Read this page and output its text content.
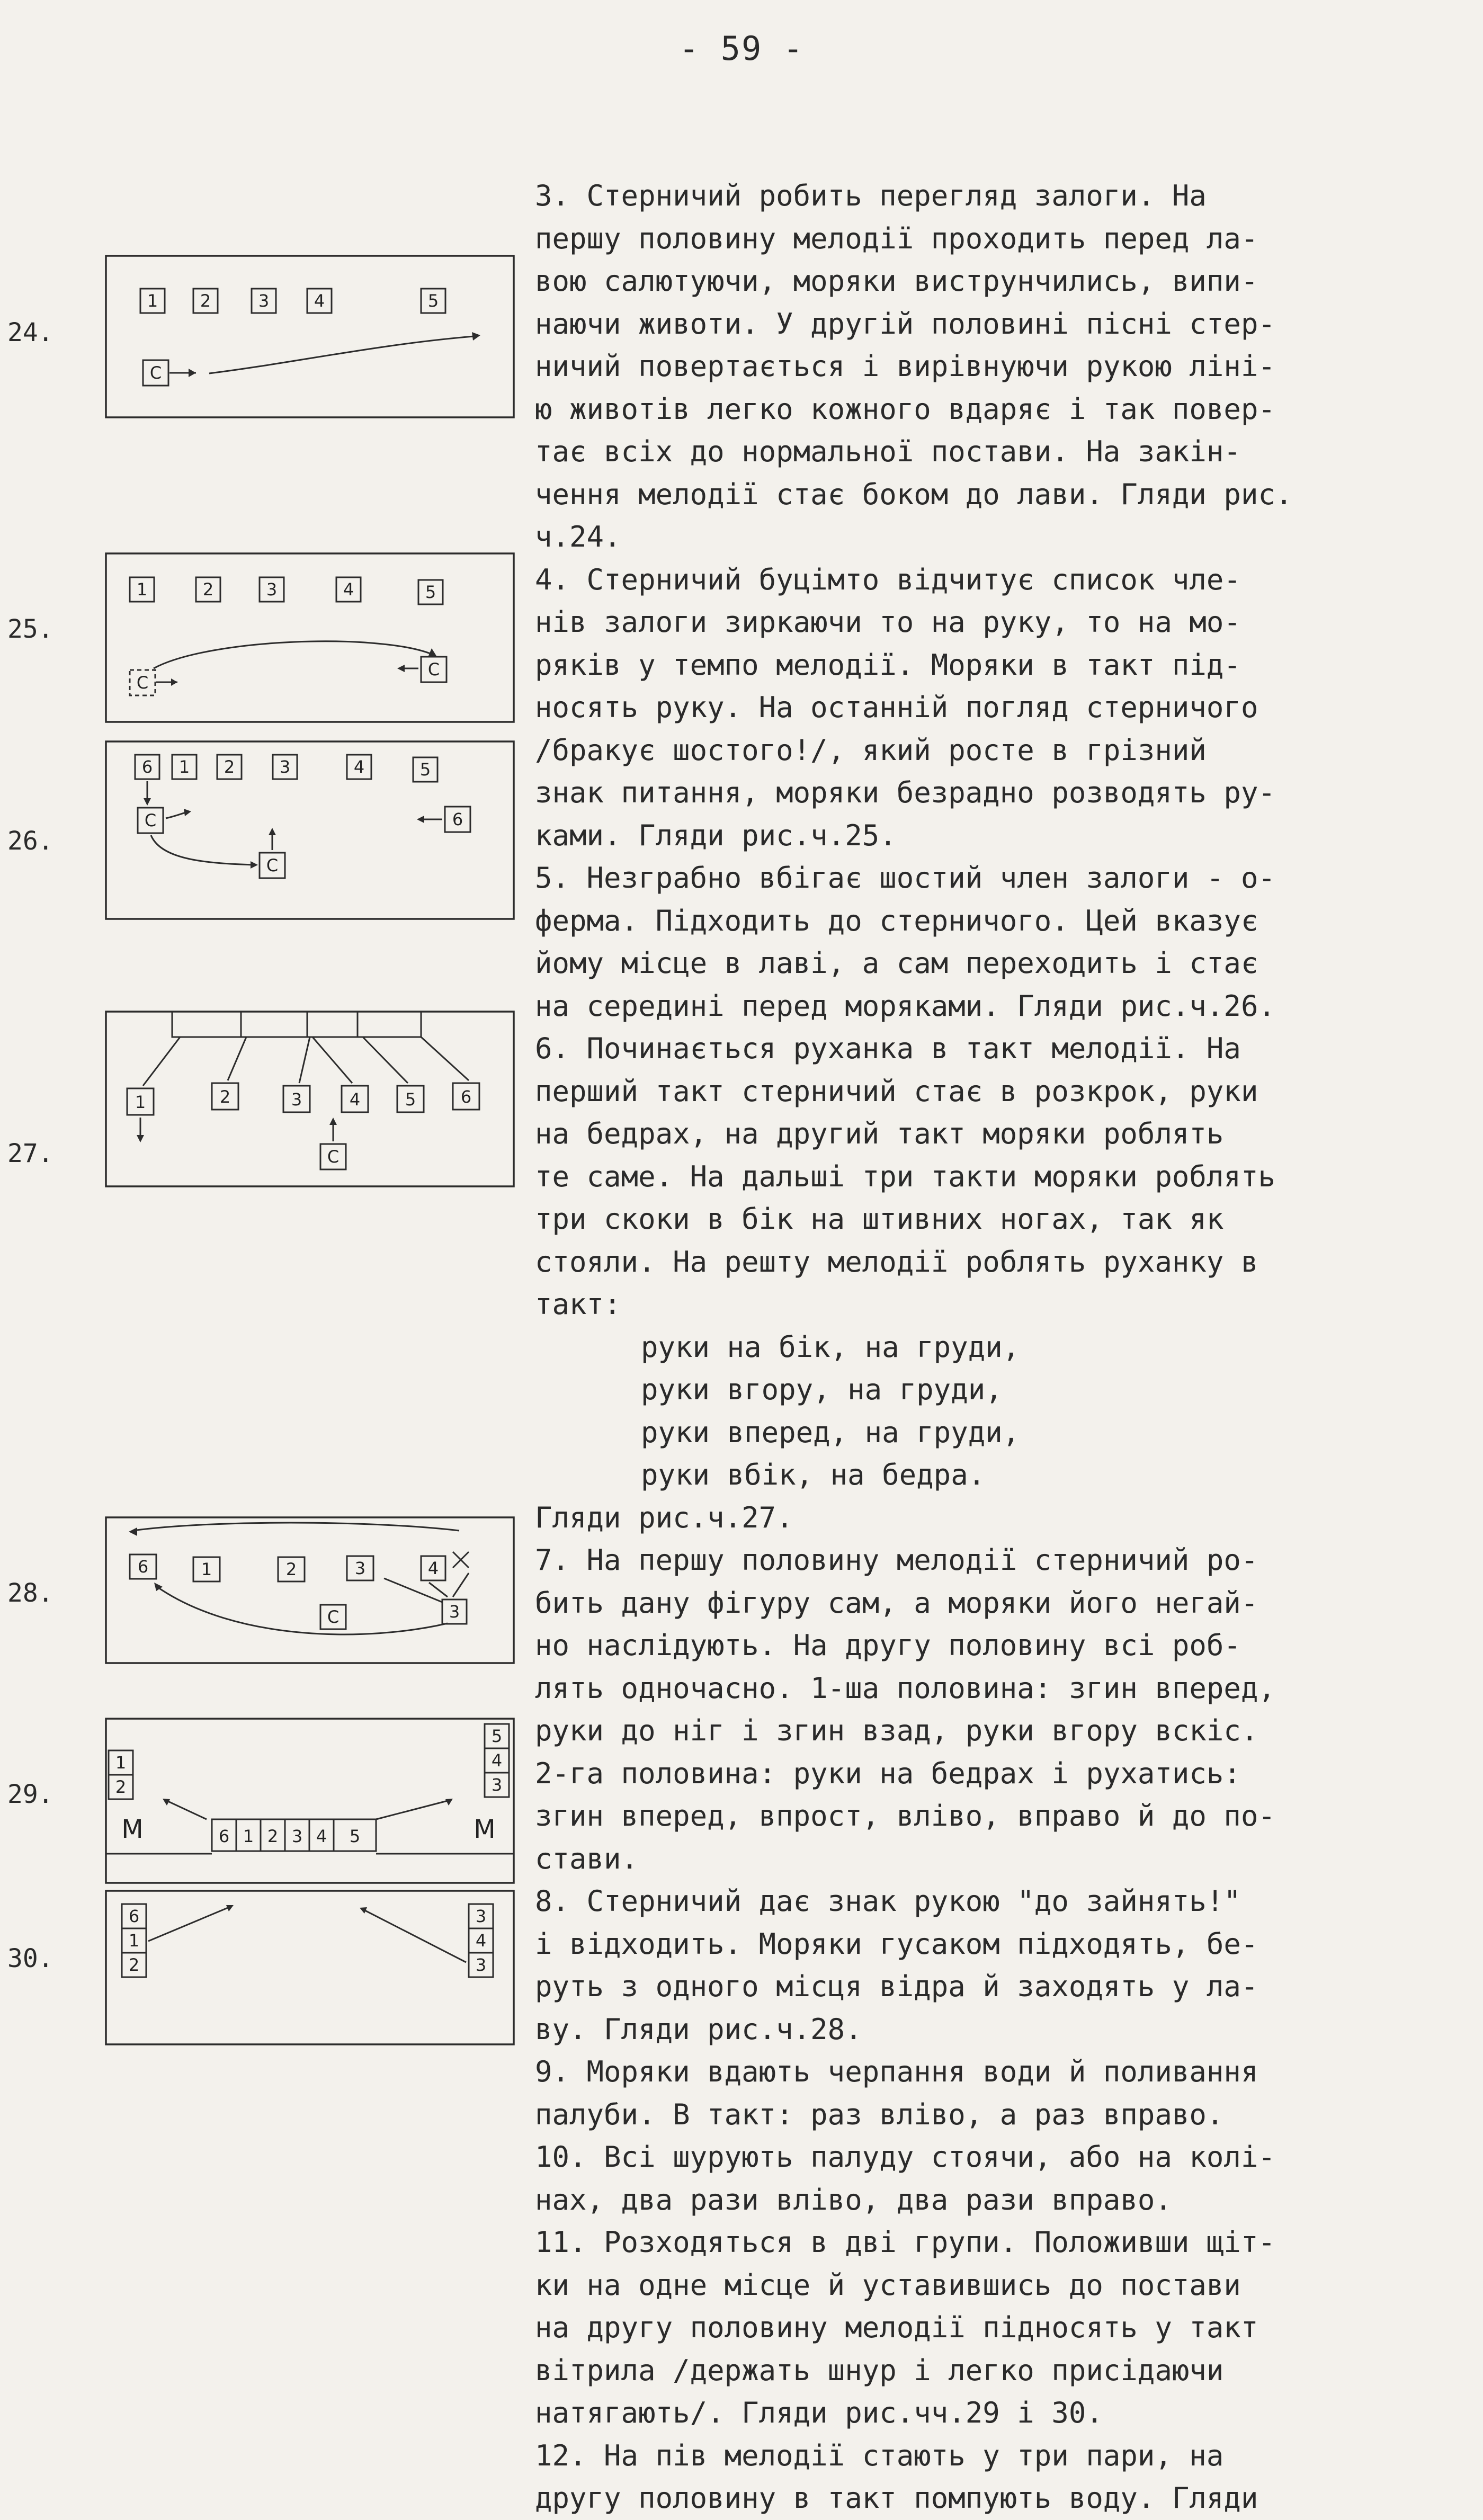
- 59 -
3. Стерничий робить перегляд залоги. На
першу половину мелодії проходить перед ла-
вою салютуючи, моряки виструнчились, випи-
наючи животи. У другій половині пісні стер-
ничий повертається і вирівнуючи рукою лінi-
ю животів легко кожного вдаряє і так повер-
тає всіх до нормальної постави. На закін-
чення мелодії стає боком до лави. Гляди рис.
ч.24.
4. Стерничий буцімто відчитує список чле-
нів залоги зиркаючи то на руку, то на мо-
ряків у темпо мелодії. Моряки в такт під-
носять руку. На останній погляд стерничого
/бракує шостого!/, який росте в грізний
знак питання, моряки безрадно розводять ру-
ками. Гляди рис.ч.25.
5. Незграбно вбігає шостий член залоги - о-
ферма. Підходить до стерничого. Цей вказує
йому місце в лаві, а сам переходить і стає
на середині перед моряками. Гляди рис.ч.26.
6. Починається руханка в такт мелодії. На
перший такт стерничий стає в розкрок, руки
на бедрах, на другий такт моряки роблять
те саме. На дальші три такти моряки роблять
три скоки в бік на штивних ногах, так як
стояли. На решту мелодії роблять руханку в
такт:
руки на бік, на груди,
руки вгору, на груди,
руки вперед, на груди,
руки вбік, на бедра.
Гляди рис.ч.27.
7. На першу половину мелодії стерничий ро-
бить дану фігуру сам, а моряки його негай-
но наслідують. На другу половину всі роб-
лять одночасно. 1-ша половина: згин вперед,
руки до ніг і згин взад, руки вгору вскіс.
2-га половина: руки на бедрах і рухатись:
згин вперед, впрост, вліво, вправо й до по-
стави.
8. Стерничий дає знак рукою "до зайнять!"
і відходить. Моряки гусаком підходять, бе-
руть з одного місця відра й заходять у ла-
ву. Гляди рис.ч.28.
9. Моряки вдають черпання води й поливання
палуби. В такт: раз вліво, а раз вправо.
10. Всі шурують палуду стоячи, або на колі-
нах, два рази вліво, два рази вправо.
11. Розходяться в дві групи. Положивши щіт-
ки на одне місце й уставившись до постави
на другу половину мелодії підносять у такт
вітрила /держать шнур і легко присідаючи
натягають/. Гляди рис.чч.29 і 30.
12. На пів мелодії стають у три пари, на
другу половину в такт помпують воду. Гляди
24.
25.
26.
27.
28.
29.
30.
1 2	3	4	5
C
1	2	3	4	5
C
C
6 1 2	3	4	5
C
C
6
1	2	3	4	5	6
C
6	1	2	3	4
C	3
1
2
M	6 1 2 3 4 5	M
5
4
3
6
1
2
3
4
3
